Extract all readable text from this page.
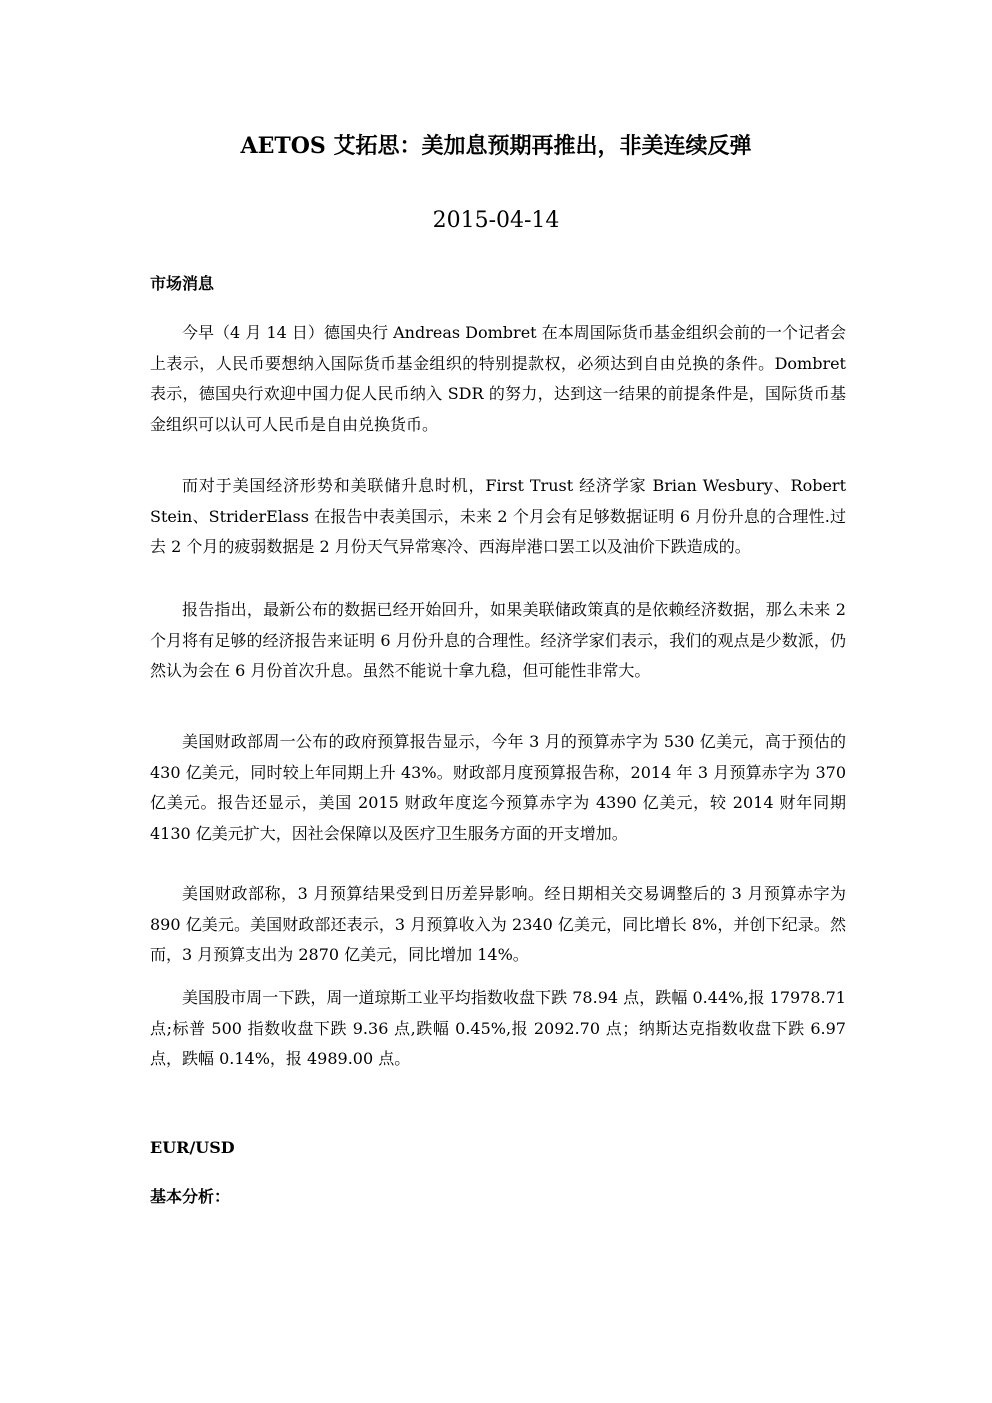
AETOS 艾拓思：美加息预期再推出，非美连续反弹
2015-04-14
市场消息

今早（4 月 14 日）德国央行 Andreas Dombret 在本周国际货币基金组织会前的一个记者会上表示，人民币要想纳入国际货币基金组织的特别提款权，必须达到自由兑换的条件。Dombret 表示，德国央行欢迎中国力促人民币纳入 SDR 的努力，达到这一结果的前提条件是，国际货币基金组织可以认可人民币是自由兑换货币。

而对于美国经济形势和美联储升息时机，First Trust 经济学家 Brian Wesbury、Robert Stein、StriderElass 在报告中表美国示，未来 2 个月会有足够数据证明 6 月份升息的合理性.过去 2 个月的疲弱数据是 2 月份天气异常寒冷、西海岸港口罢工以及油价下跌造成的。

报告指出，最新公布的数据已经开始回升，如果美联储政策真的是依赖经济数据，那么未来 2 个月将有足够的经济报告来证明 6 月份升息的合理性。经济学家们表示，我们的观点是少数派，仍然认为会在 6 月份首次升息。虽然不能说十拿九稳，但可能性非常大。

美国财政部周一公布的政府预算报告显示，今年 3 月的预算赤字为 530 亿美元，高于预估的 430 亿美元，同时较上年同期上升 43%。财政部月度预算报告称，2014 年 3 月预算赤字为 370 亿美元。报告还显示，美国 2015 财政年度迄今预算赤字为 4390 亿美元，较 2014 财年同期 4130 亿美元扩大，因社会保障以及医疗卫生服务方面的开支增加。

美国财政部称，3 月预算结果受到日历差异影响。经日期相关交易调整后的 3 月预算赤字为 890 亿美元。美国财政部还表示，3 月预算收入为 2340 亿美元，同比增长 8%，并创下纪录。然而，3 月预算支出为 2870 亿美元，同比增加 14%。

美国股市周一下跌，周一道琼斯工业平均指数收盘下跌 78.94 点，跌幅 0.44%,报 17978.71 点;标普 500 指数收盘下跌 9.36 点,跌幅 0.45%,报 2092.70 点；纳斯达克指数收盘下跌 6.97 点，跌幅 0.14%，报 4989.00 点。

EUR/USD
基本分析：
